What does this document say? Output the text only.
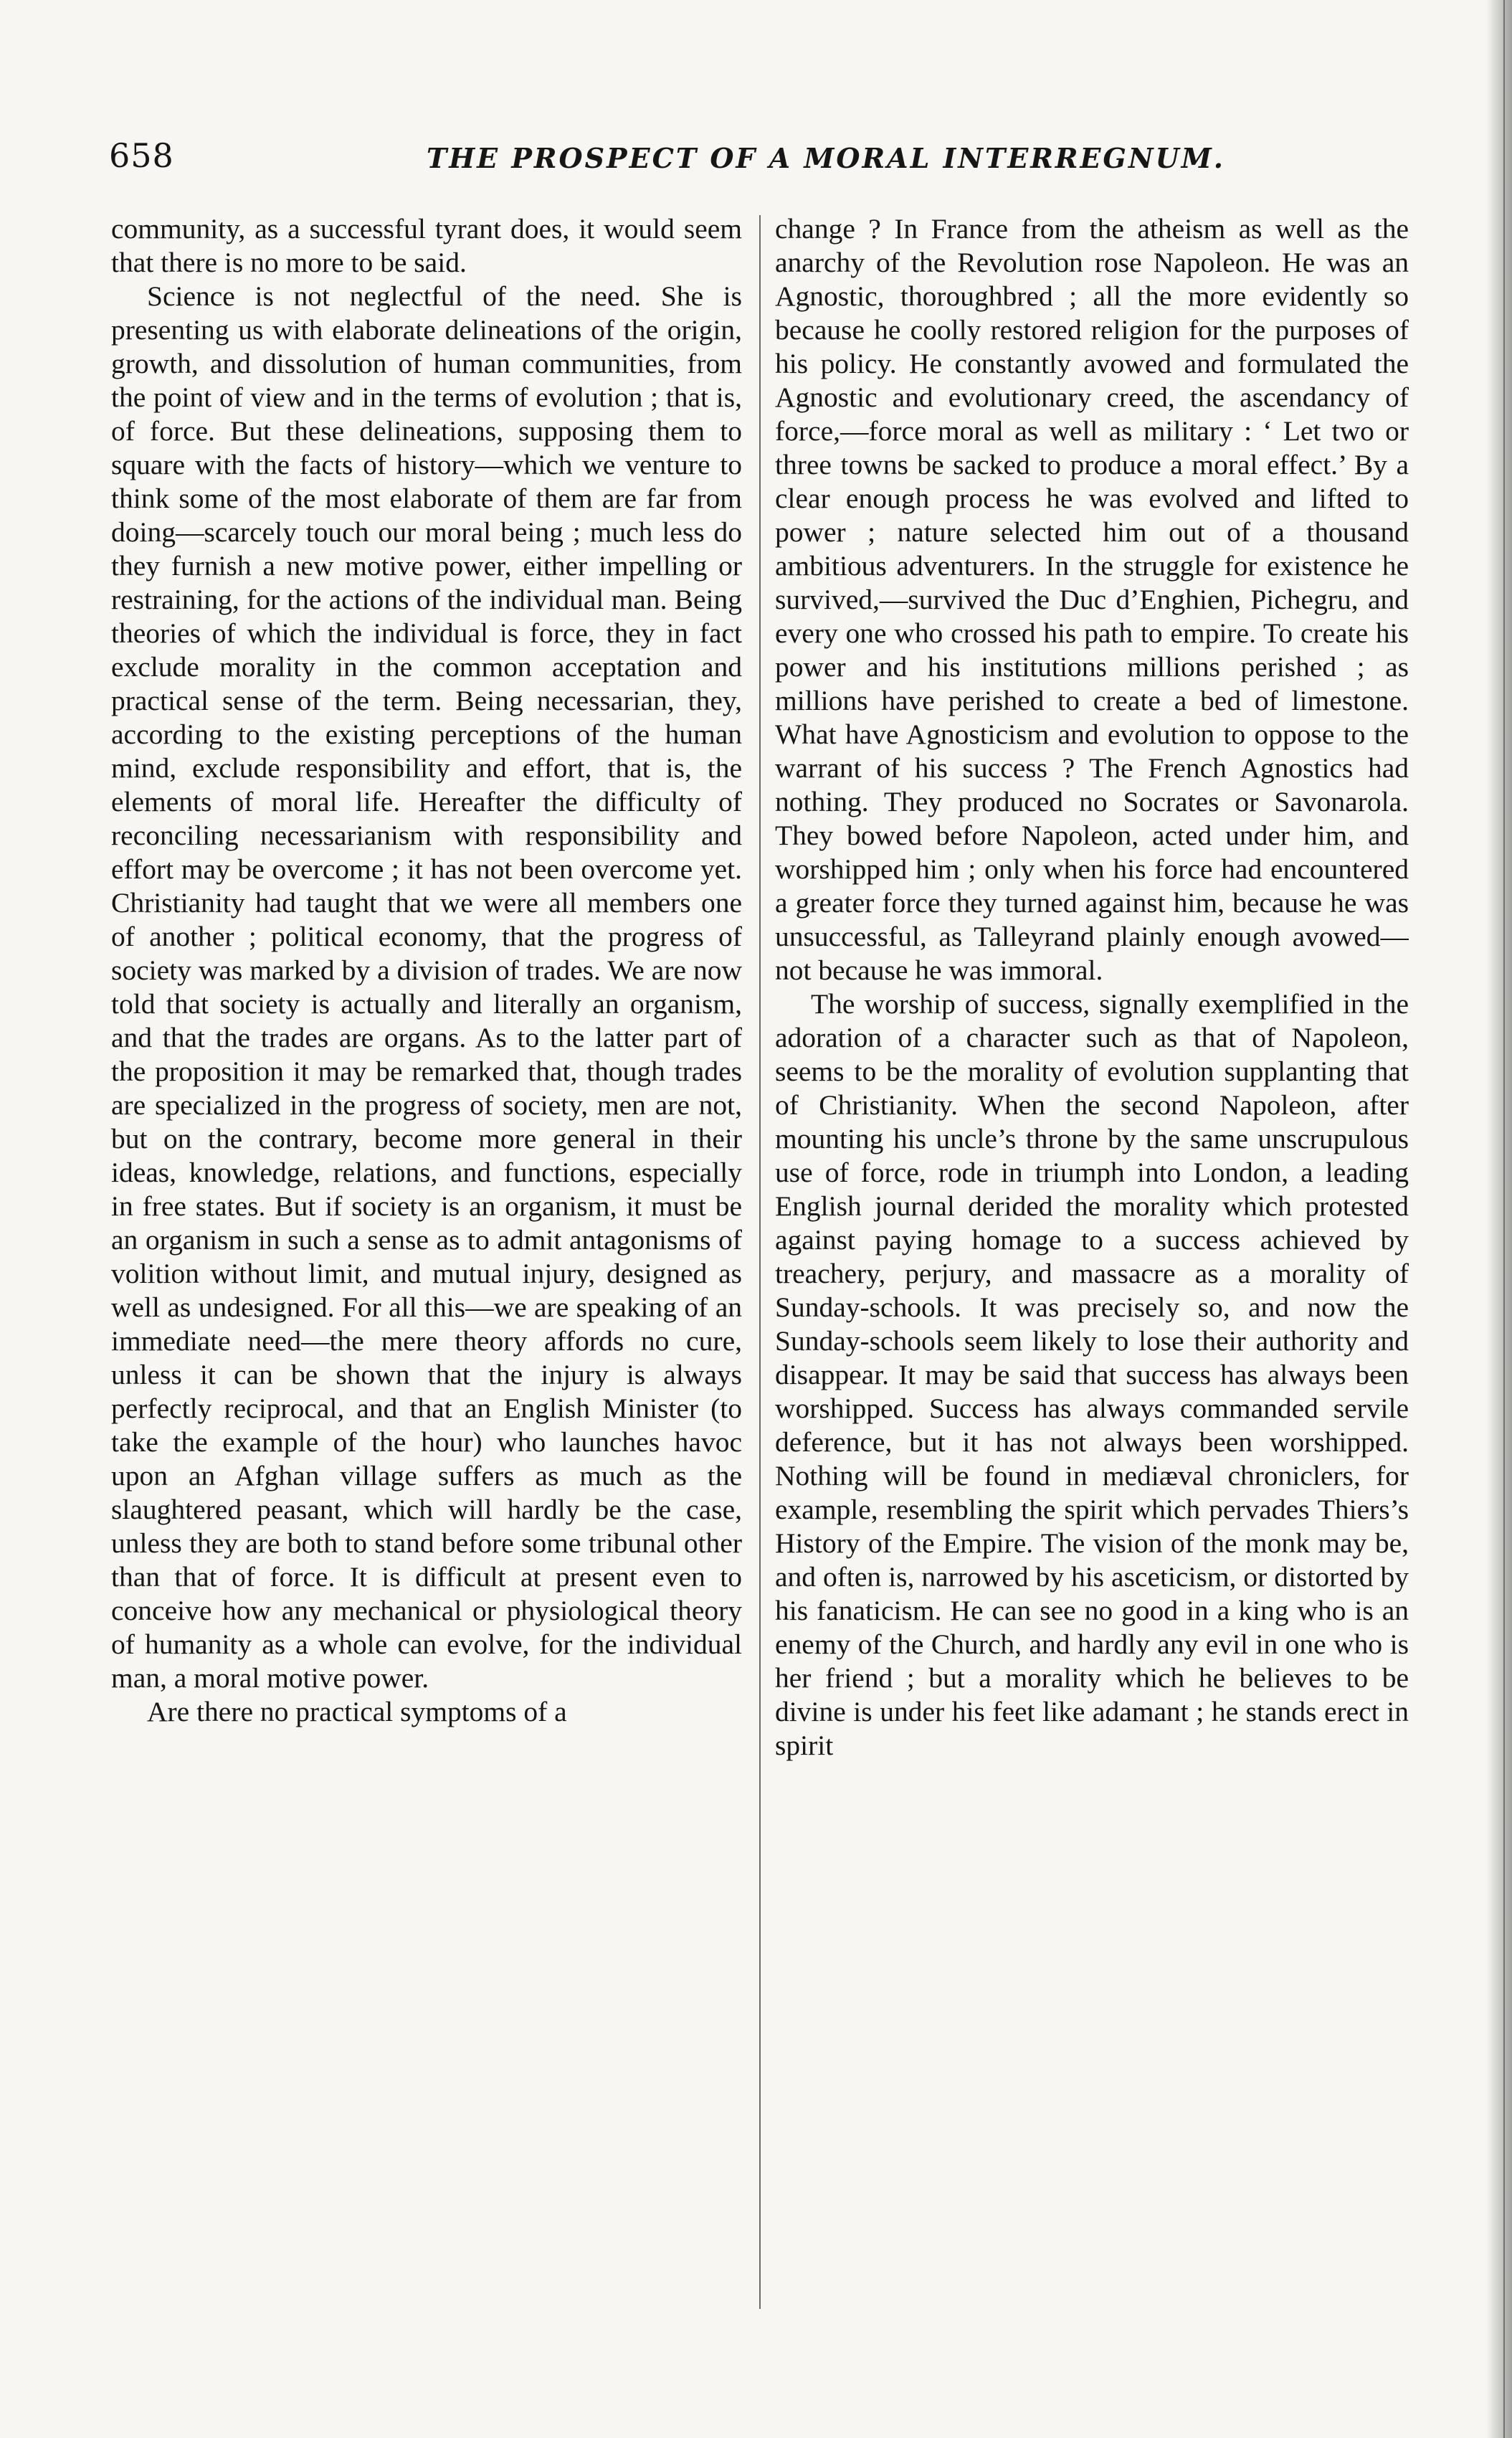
658	THE PROSPECT OF A MORAL INTERREGNUM.

community, as a successful tyrant does, it would seem that there is no more to be said.

Science is not neglectful of the need. She is presenting us with elaborate delineations of the origin, growth, and dissolution of human communities, from the point of view and in the terms of evolution ; that is, of force. But these delineations, supposing them to square with the facts of history—which we venture to think some of the most elaborate of them are far from doing—scarcely touch our moral being ; much less do they furnish a new motive power, either impelling or restraining, for the actions of the individual man. Being theories of which the individual is force, they in fact exclude morality in the common acceptation and practical sense of the term. Being necessarian, they, according to the existing perceptions of the human mind, exclude responsibility and effort, that is, the elements of moral life. Hereafter the difficulty of reconciling necessarianism with responsibility and effort may be overcome ; it has not been overcome yet. Christianity had taught that we were all members one of another ; political economy, that the progress of society was marked by a division of trades. We are now told that society is actually and literally an organism, and that the trades are organs. As to the latter part of the proposition it may be remarked that, though trades are specialized in the progress of society, men are not, but on the contrary, become more general in their ideas, knowledge, relations, and functions, especially in free states. But if society is an organism, it must be an organism in such a sense as to admit antagonisms of volition without limit, and mutual injury, designed as well as undesigned. For all this—we are speaking of an immediate need—the mere theory affords no cure, unless it can be shown that the injury is always perfectly reciprocal, and that an English Minister (to take the example of the hour) who launches havoc upon an Afghan village suffers as much as the slaughtered peasant, which will hardly be the case, unless they are both to stand before some tribunal other than that of force. It is difficult at present even to conceive how any mechanical or physiological theory of humanity as a whole can evolve, for the individual man, a moral motive power.

Are there no practical symptoms of a

change ? In France from the atheism as well as the anarchy of the Revolution rose Napoleon. He was an Agnostic, thoroughbred ; all the more evidently so because he coolly restored religion for the purposes of his policy. He constantly avowed and formulated the Agnostic and evolutionary creed, the ascendancy of force,—force moral as well as military : ‘ Let two or three towns be sacked to produce a moral effect.’ By a clear enough process he was evolved and lifted to power ; nature selected him out of a thousand ambitious adventurers. In the struggle for existence he survived,—survived the Duc d’Enghien, Pichegru, and every one who crossed his path to empire. To create his power and his institutions millions perished ; as millions have perished to create a bed of limestone. What have Agnosticism and evolution to oppose to the warrant of his success ? The French Agnostics had nothing. They produced no Socrates or Savonarola. They bowed before Napoleon, acted under him, and worshipped him ; only when his force had encountered a greater force they turned against him, because he was unsuccessful, as Talleyrand plainly enough avowed—not because he was immoral.

The worship of success, signally exemplified in the adoration of a character such as that of Napoleon, seems to be the morality of evolution supplanting that of Christianity. When the second Napoleon, after mounting his uncle’s throne by the same unscrupulous use of force, rode in triumph into London, a leading English journal derided the morality which protested against paying homage to a success achieved by treachery, perjury, and massacre as a morality of Sunday-schools. It was precisely so, and now the Sunday-schools seem likely to lose their authority and disappear. It may be said that success has always been worshipped. Success has always commanded servile deference, but it has not always been worshipped. Nothing will be found in mediæval chroniclers, for example, resembling the spirit which pervades Thiers’s History of the Empire. The vision of the monk may be, and often is, narrowed by his asceticism, or distorted by his fanaticism. He can see no good in a king who is an enemy of the Church, and hardly any evil in one who is her friend ; but a morality which he believes to be divine is under his feet like adamant ; he stands erect in spirit
